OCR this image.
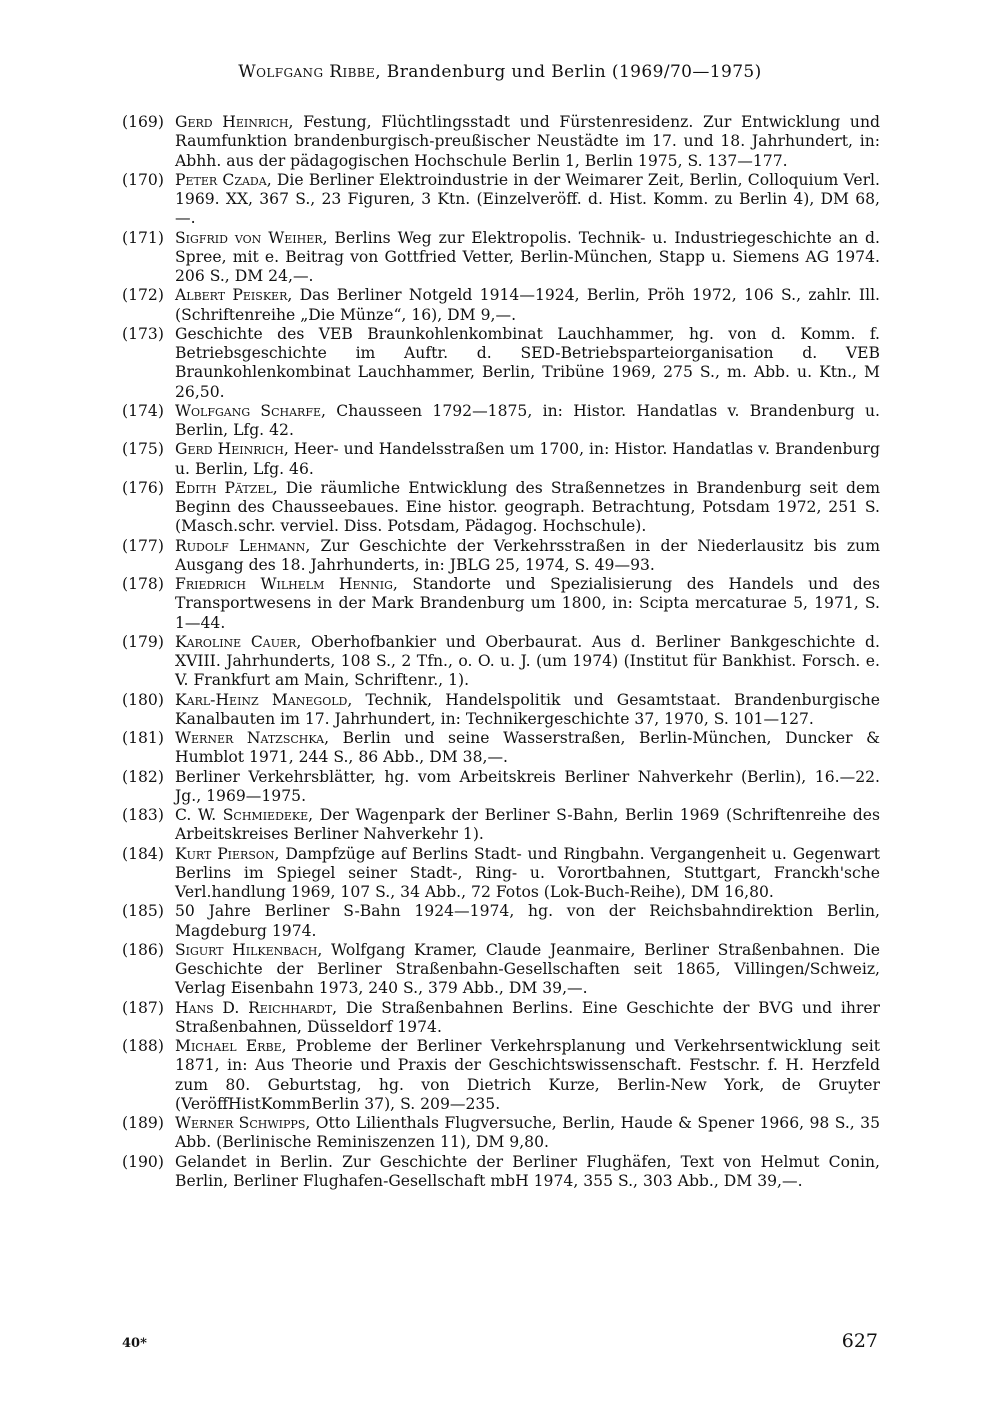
Wolfgang Ribbe, Brandenburg und Berlin (1969/70—1975)

(169) Gerd Heinrich, Festung, Flüchtlingsstadt und Fürstenresidenz. Zur Entwicklung und Raumfunktion brandenburgisch-preußischer Neustädte im 17. und 18. Jahrhundert, in: Abhh. aus der pädagogischen Hochschule Berlin 1, Berlin 1975, S. 137—177.

(170) Peter Czada, Die Berliner Elektroindustrie in der Weimarer Zeit, Berlin, Colloquium Verl. 1969. XX, 367 S., 23 Figuren, 3 Ktn. (Einzelveröff. d. Hist. Komm. zu Berlin 4), DM 68,—.

(171) Sigfrid von Weiher, Berlins Weg zur Elektropolis. Technik- u. Industriegeschichte an d. Spree, mit e. Beitrag von Gottfried Vetter, Berlin-München, Stapp u. Siemens AG 1974. 206 S., DM 24,—.

(172) Albert Peisker, Das Berliner Notgeld 1914—1924, Berlin, Pröh 1972, 106 S., zahlr. Ill. (Schriftenreihe „Die Münze“, 16), DM 9,—.

(173) Geschichte des VEB Braunkohlenkombinat Lauchhammer, hg. von d. Komm. f. Betriebsgeschichte im Auftr. d. SED-Betriebsparteiorganisation d. VEB Braunkohlenkombinat Lauchhammer, Berlin, Tribüne 1969, 275 S., m. Abb. u. Ktn., M 26,50.

(174) Wolfgang Scharfe, Chausseen 1792—1875, in: Histor. Handatlas v. Brandenburg u. Berlin, Lfg. 42.

(175) Gerd Heinrich, Heer- und Handelsstraßen um 1700, in: Histor. Handatlas v. Brandenburg u. Berlin, Lfg. 46.

(176) Edith Pätzel, Die räumliche Entwicklung des Straßennetzes in Brandenburg seit dem Beginn des Chausseebaues. Eine histor. geograph. Betrachtung, Potsdam 1972, 251 S. (Masch.schr. verviel. Diss. Potsdam, Pädagog. Hochschule).

(177) Rudolf Lehmann, Zur Geschichte der Verkehrsstraßen in der Niederlausitz bis zum Ausgang des 18. Jahrhunderts, in: JBLG 25, 1974, S. 49—93.

(178) Friedrich Wilhelm Hennig, Standorte und Spezialisierung des Handels und des Transportwesens in der Mark Brandenburg um 1800, in: Scipta mercaturae 5, 1971, S. 1—44.

(179) Karoline Cauer, Oberhofbankier und Oberbaurat. Aus d. Berliner Bankgeschichte d. XVIII. Jahrhunderts, 108 S., 2 Tfn., o. O. u. J. (um 1974) (Institut für Bankhist. Forsch. e. V. Frankfurt am Main, Schriftenr., 1).

(180) Karl-Heinz Manegold, Technik, Handelspolitik und Gesamtstaat. Brandenburgische Kanalbauten im 17. Jahrhundert, in: Technikergeschichte 37, 1970, S. 101—127.

(181) Werner Natzschka, Berlin und seine Wasserstraßen, Berlin-München, Duncker & Humblot 1971, 244 S., 86 Abb., DM 38,—.

(182) Berliner Verkehrsblätter, hg. vom Arbeitskreis Berliner Nahverkehr (Berlin), 16.—22. Jg., 1969—1975.

(183) C. W. Schmiedeke, Der Wagenpark der Berliner S-Bahn, Berlin 1969 (Schriftenreihe des Arbeitskreises Berliner Nahverkehr 1).

(184) Kurt Pierson, Dampfzüge auf Berlins Stadt- und Ringbahn. Vergangenheit u. Gegenwart Berlins im Spiegel seiner Stadt-, Ring- u. Vorortbahnen, Stuttgart, Franckh'sche Verl.handlung 1969, 107 S., 34 Abb., 72 Fotos (Lok-Buch-Reihe), DM 16,80.

(185) 50 Jahre Berliner S-Bahn 1924—1974, hg. von der Reichsbahndirektion Berlin, Magdeburg 1974.

(186) Sigurt Hilkenbach, Wolfgang Kramer, Claude Jeanmaire, Berliner Straßenbahnen. Die Geschichte der Berliner Straßenbahn-Gesellschaften seit 1865, Villingen/Schweiz, Verlag Eisenbahn 1973, 240 S., 379 Abb., DM 39,—.

(187) Hans D. Reichhardt, Die Straßenbahnen Berlins. Eine Geschichte der BVG und ihrer Straßenbahnen, Düsseldorf 1974.

(188) Michael Erbe, Probleme der Berliner Verkehrsplanung und Verkehrsentwicklung seit 1871, in: Aus Theorie und Praxis der Geschichtswissenschaft. Festschr. f. H. Herzfeld zum 80. Geburtstag, hg. von Dietrich Kurze, Berlin-New York, de Gruyter (VeröffHistKommBerlin 37), S. 209—235.

(189) Werner Schwipps, Otto Lilienthals Flugversuche, Berlin, Haude & Spener 1966, 98 S., 35 Abb. (Berlinische Reminiszenzen 11), DM 9,80.

(190) Gelandet in Berlin. Zur Geschichte der Berliner Flughäfen, Text von Helmut Conin, Berlin, Berliner Flughafen-Gesellschaft mbH 1974, 355 S., 303 Abb., DM 39,—.

40*	627
